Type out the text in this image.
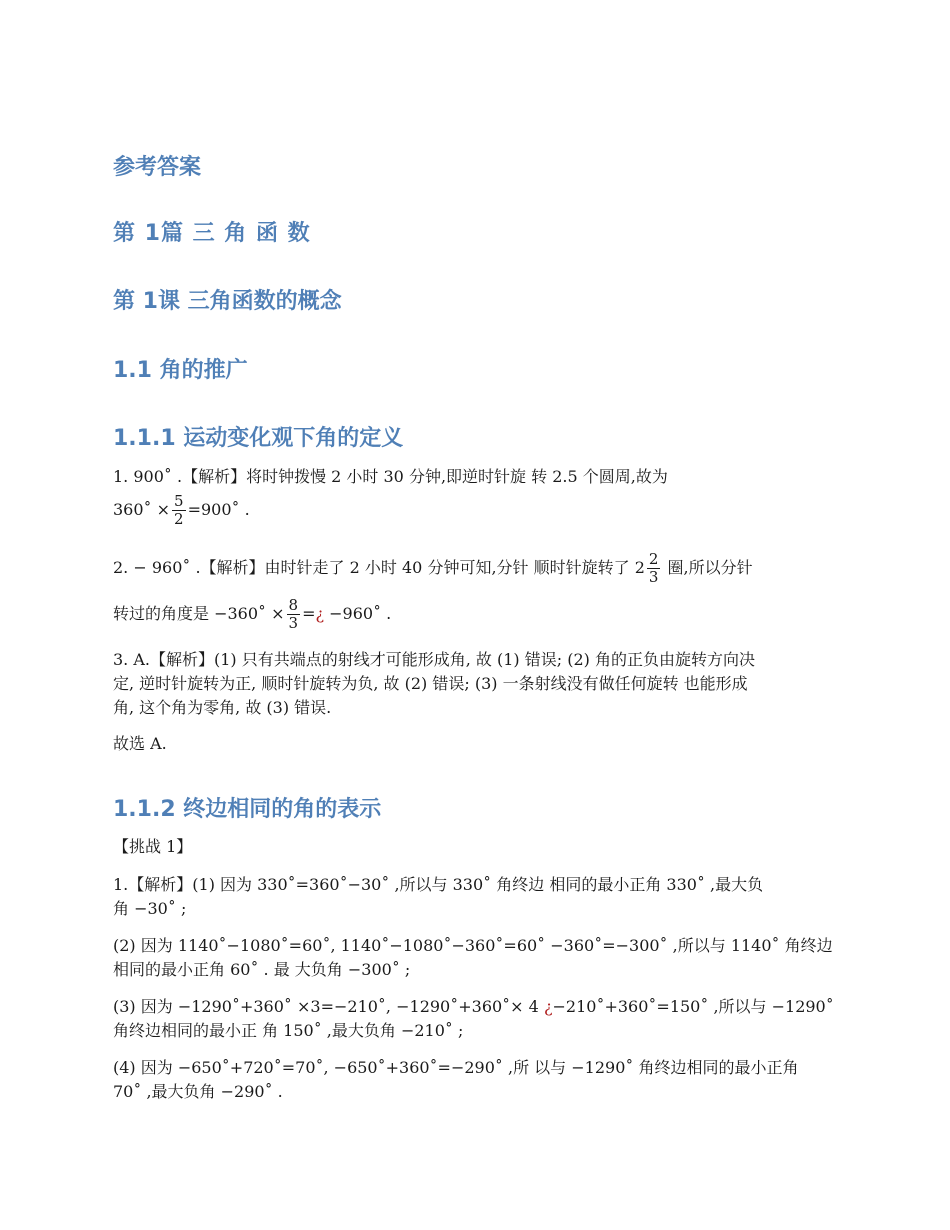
参考答案
第 1篇 三 角 函 数
第 1课 三角函数的概念
1.1 角的推广
1.1.1 运动变化观下角的定义
1. 900˚ .【解析】将时钟拨慢 2 小时 30 分钟,即逆时针旋 转 2.5 个圆周,故为
360˚ × $\frac{5}{2}$ =900˚ .
2. − 960˚ .【解析】由时针走了 2 小时 40 分钟可知,分针 顺时针旋转了 $2 \frac{2}{3}$ 圈,所以分针
转过的角度是 −360˚ × $\frac{8}{3}$ =¿ −960˚ .
3. A.【解析】(1) 只有共端点的射线才可能形成角, 故 (1) 错误; (2) 角的正负由旋转方向决
定, 逆时针旋转为正, 顺时针旋转为负, 故 (2) 错误; (3) 一条射线没有做任何旋转 也能形成
角, 这个角为零角, 故 (3) 错误.
故选 A.
1.1.2 终边相同的角的表示
【挑战 1】
1.【解析】(1) 因为 330˚=360˚−30˚ ,所以与 330˚ 角终边 相同的最小正角 330˚ ,最大负
角 −30˚ ;
(2) 因为 1140˚−1080˚=60˚, 1140˚−1080˚−360˚=60˚ −360˚=−300˚ ,所以与 1140˚ 角终边
相同的最小正角 60˚ . 最 大负角 −300˚ ;
(3) 因为 −1290˚+360˚ ×3=−210˚, −1290˚+360˚× 4 ¿−210˚+360˚=150˚ ,所以与 −1290˚
角终边相同的最小正 角 150˚ ,最大负角 −210˚ ;
(4) 因为 −650˚+720˚=70˚, −650˚+360˚=−290˚ ,所 以与 −1290˚ 角终边相同的最小正角
70˚ ,最大负角 −290˚ .
